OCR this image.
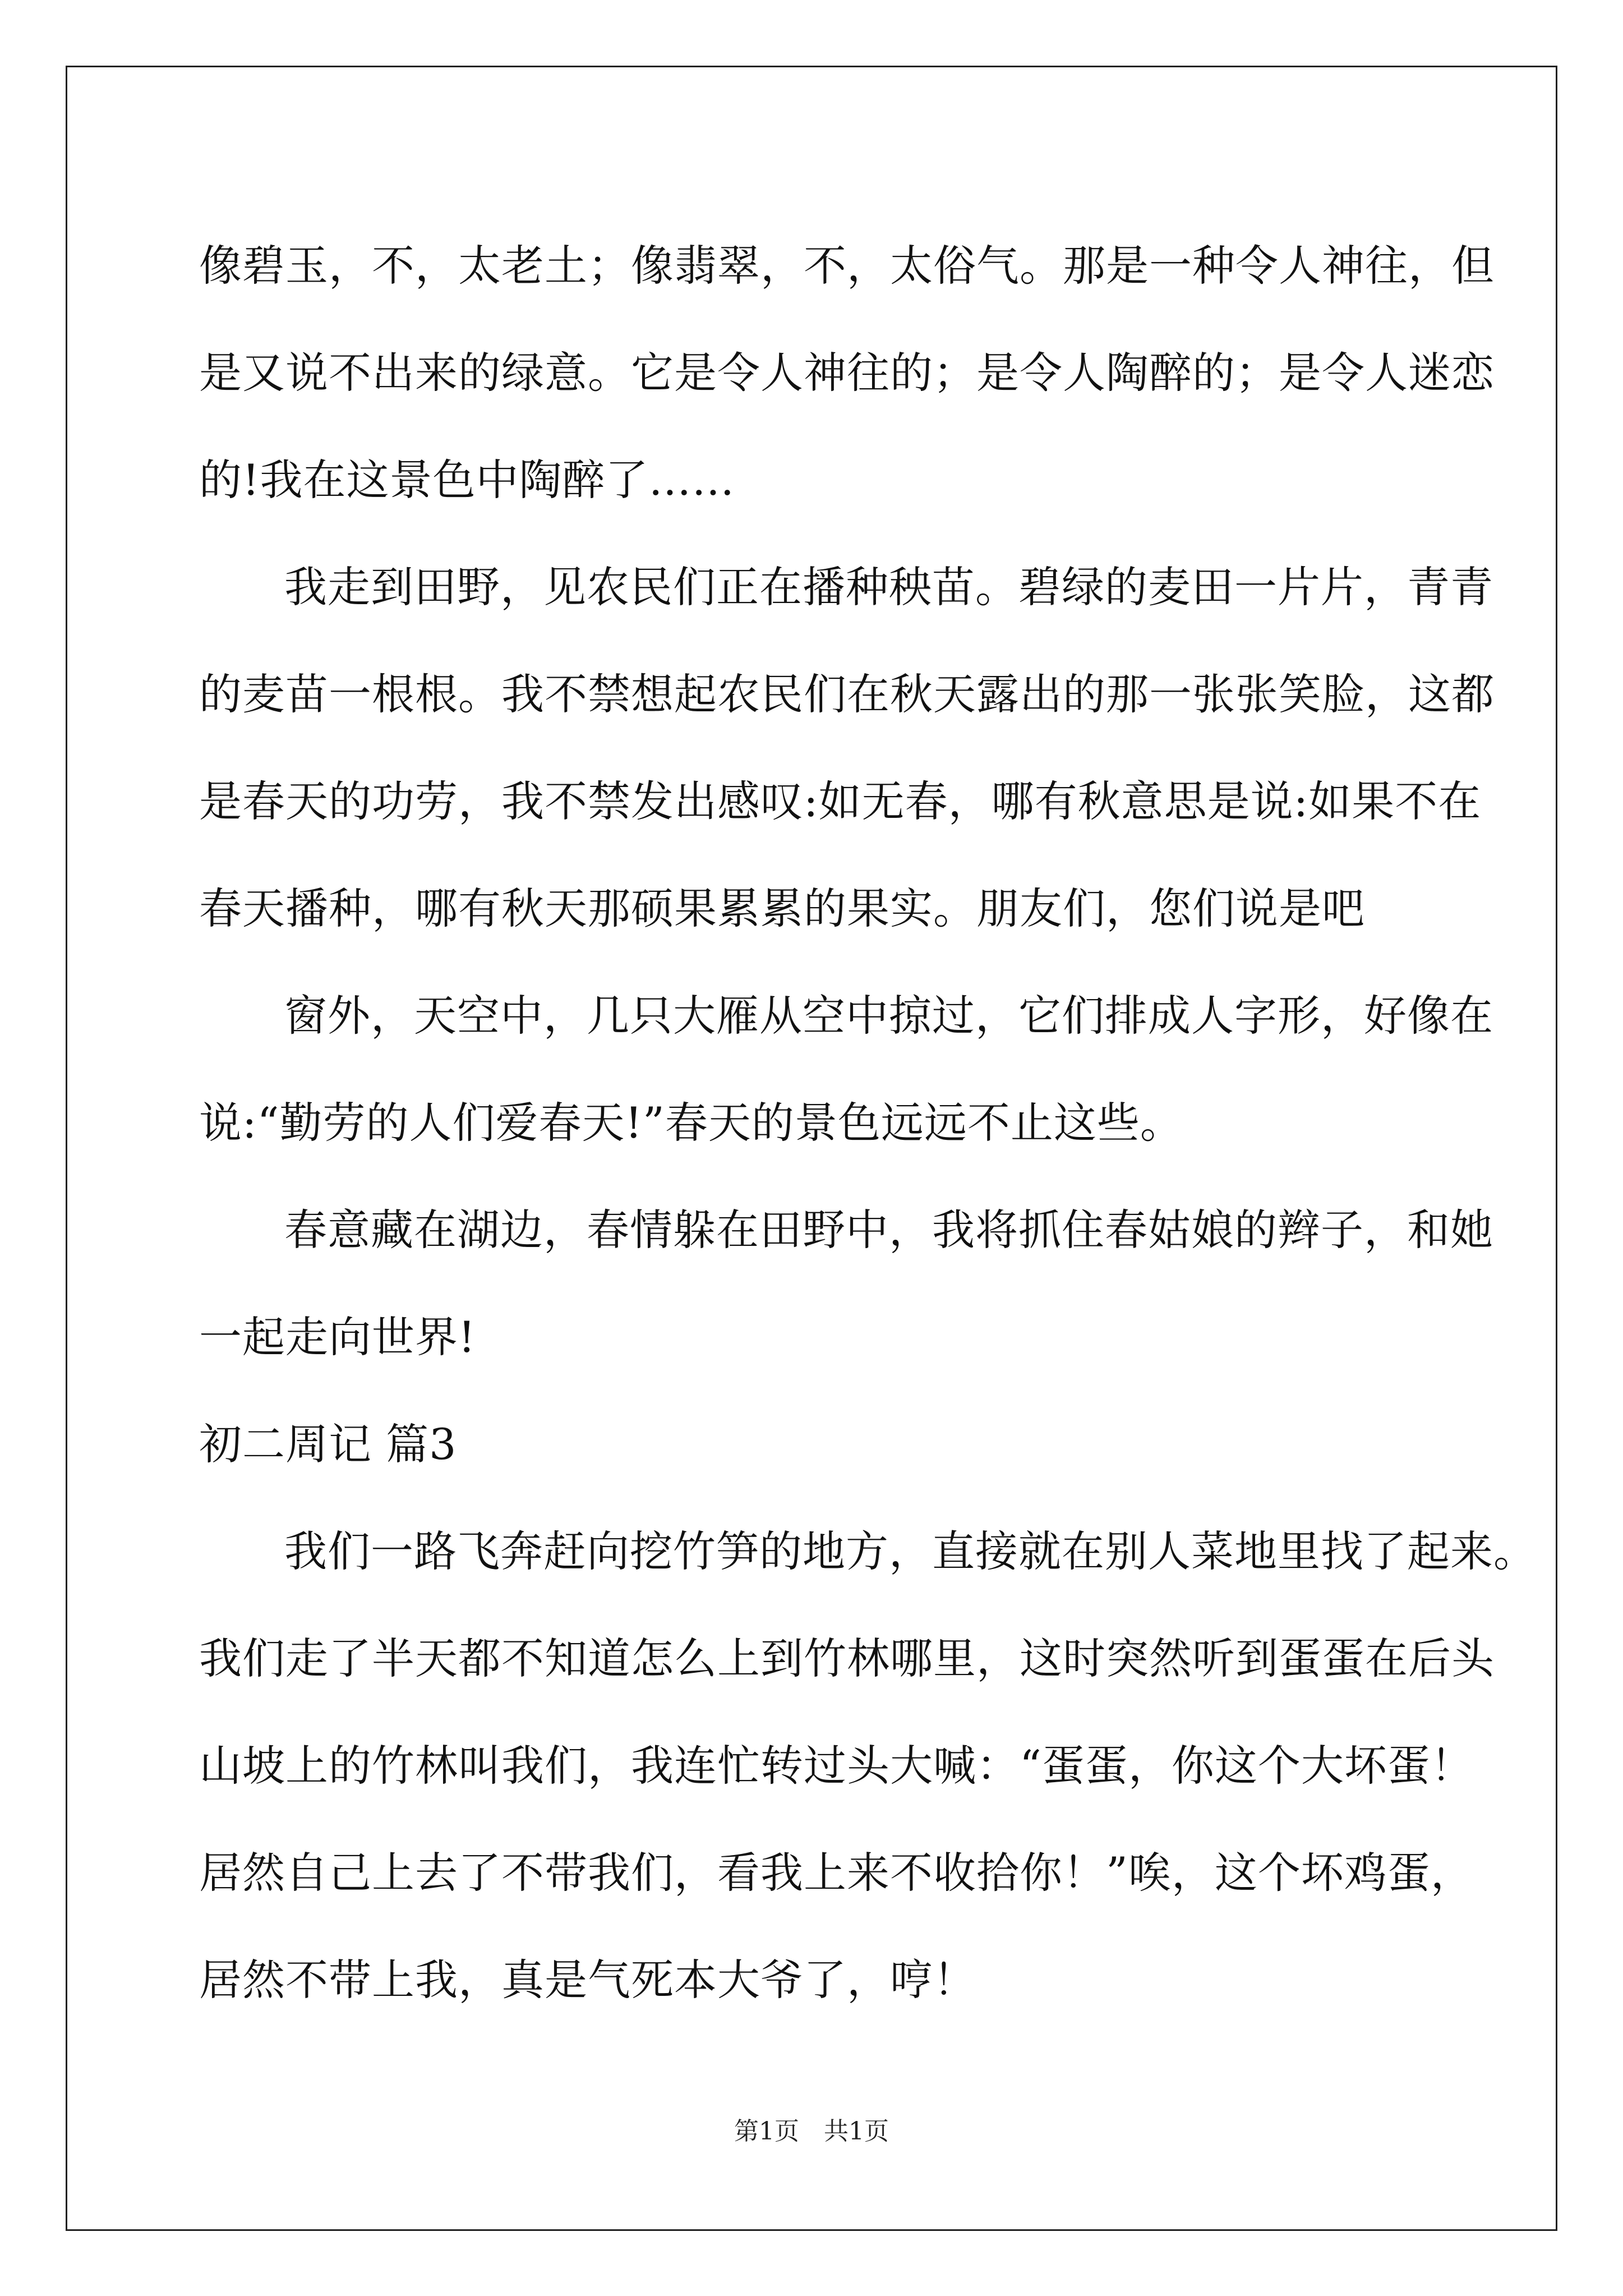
像碧玉，不，太老土；像翡翠，不，太俗气。那是一种令人神往，但
是又说不出来的绿意。它是令人神往的；是令人陶醉的；是令人迷恋
的!我在这景色中陶醉了……
我走到田野，见农民们正在播种秧苗。碧绿的麦田一片片，青青
的麦苗一根根。我不禁想起农民们在秋天露出的那一张张笑脸，这都
是春天的功劳，我不禁发出感叹:如无春，哪有秋意思是说:如果不在
春天播种，哪有秋天那硕果累累的果实。朋友们，您们说是吧
窗外，天空中，几只大雁从空中掠过，它们排成人字形，好像在
说:“勤劳的人们爱春天!”春天的景色远远不止这些。
春意藏在湖边，春情躲在田野中，我将抓住春姑娘的辫子，和她
一起走向世界!
初二周记 篇3
我们一路飞奔赶向挖竹笋的地方，直接就在别人菜地里找了起来。
我们走了半天都不知道怎么上到竹林哪里，这时突然听到蛋蛋在后头
山坡上的竹林叫我们，我连忙转过头大喊：“蛋蛋，你这个大坏蛋！
居然自己上去了不带我们，看我上来不收拾你！”唉，这个坏鸡蛋，
居然不带上我，真是气死本大爷了，哼！
第1页　共1页
